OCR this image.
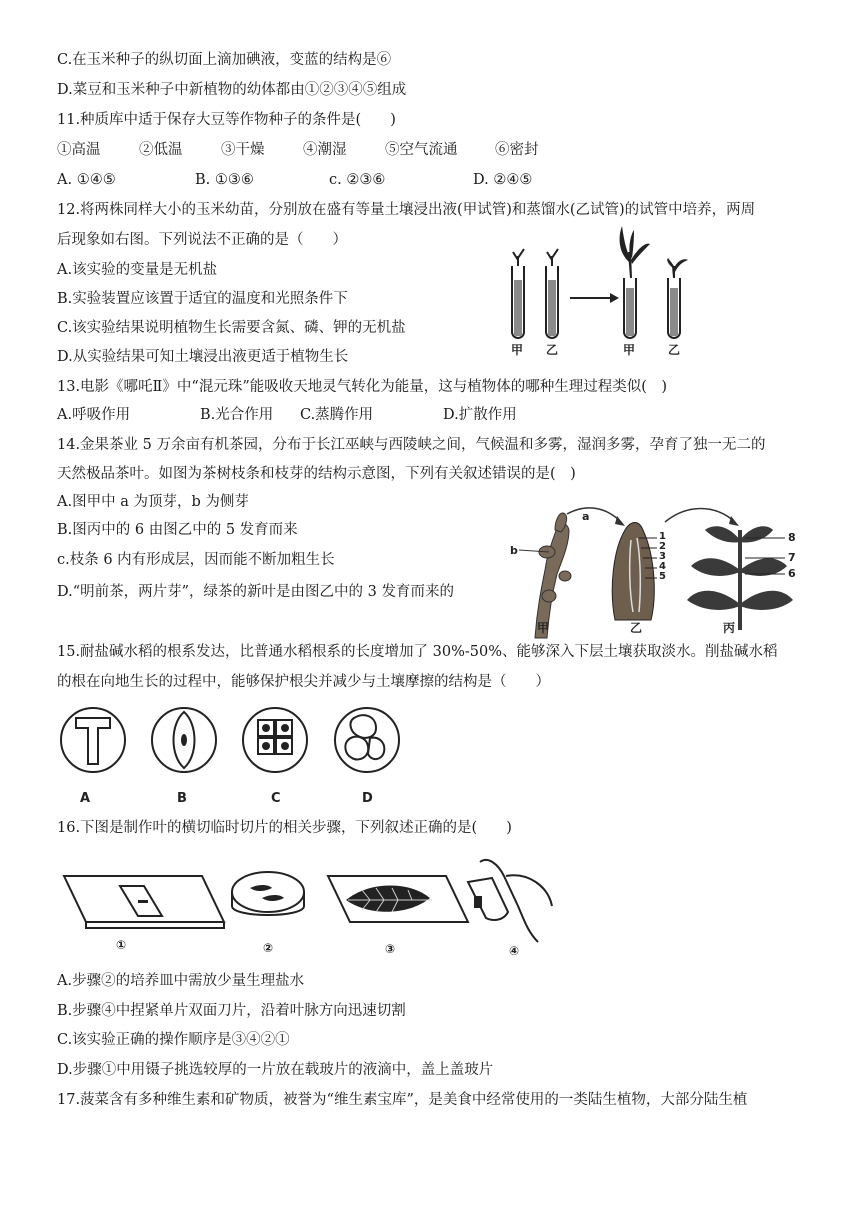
C.在玉米种子的纵切面上滴加碘液，变蓝的结构是⑥
D.菜豆和玉米种子中新植物的幼体都由①②③④⑤组成
11.种质库中适于保存大豆等作物种子的条件是(　　)
①高温	②低温	③干燥	④潮湿	⑤空气流通	⑥密封
A. ①④⑤	B. ①③⑥	c. ②③⑥	D. ②④⑤
12.将两株同样大小的玉米幼苗，分别放在盛有等量土壤浸出液(甲试管)和蒸馏水(乙试管)的试管中培养，两周
后现象如右图。下列说法不正确的是（　　）
A.该实验的变量是无机盐
B.实验装置应该置于适宜的温度和光照条件下
C.该实验结果说明植物生长需要含氮、磷、钾的无机盐
D.从实验结果可知土壤浸出液更适于植物生长	甲 乙	甲	乙
13.电影《哪吒Ⅱ》中“混元珠”能吸收天地灵气转化为能量，这与植物体的哪种生理过程类似(　)
A.呼吸作用	B.光合作用 C.蒸腾作用	D.扩散作用
14.金果茶业 5 万余亩有机茶园，分布于长江巫峡与西陵峡之间，气候温和多雾，湿润多雾，孕育了独一无二的
天然极品茶叶。如图为茶树枝条和枝芽的结构示意图，下列有关叙述错误的是(　)
A.图甲中 a 为顶芽，b 为侧芽
B.图丙中的 6 由图乙中的 5 发育而来
c.枝条 6 内有形成层，因而能不断加粗生长
D.“明前茶，两片芽”，绿茶的新叶是由图乙中的 3 发育而来的
a
b
1
2
3
4
5
8
7
6
甲	乙	丙
15.耐盐碱水稻的根系发达，比普通水稻根系的长度增加了 30%-50%、能够深入下层土壤获取淡水。削盐碱水稻
的根在向地生长的过程中，能够保护根尖并减少与土壤摩擦的结构是（　　）
A	B	C	D
16.下图是制作叶的横切临时切片的相关步骤，下列叙述正确的是(　　)
①	②	③	④
A.步骤②的培养皿中需放少量生理盐水
B.步骤④中捏紧单片双面刀片，沿着叶脉方向迅速切割
C.该实验正确的操作顺序是③④②①
D.步骤①中用镊子挑选较厚的一片放在载玻片的液滴中，盖上盖玻片
17.菠菜含有多种维生素和矿物质，被誉为“维生素宝库”，是美食中经常使用的一类陆生植物，大部分陆生植
